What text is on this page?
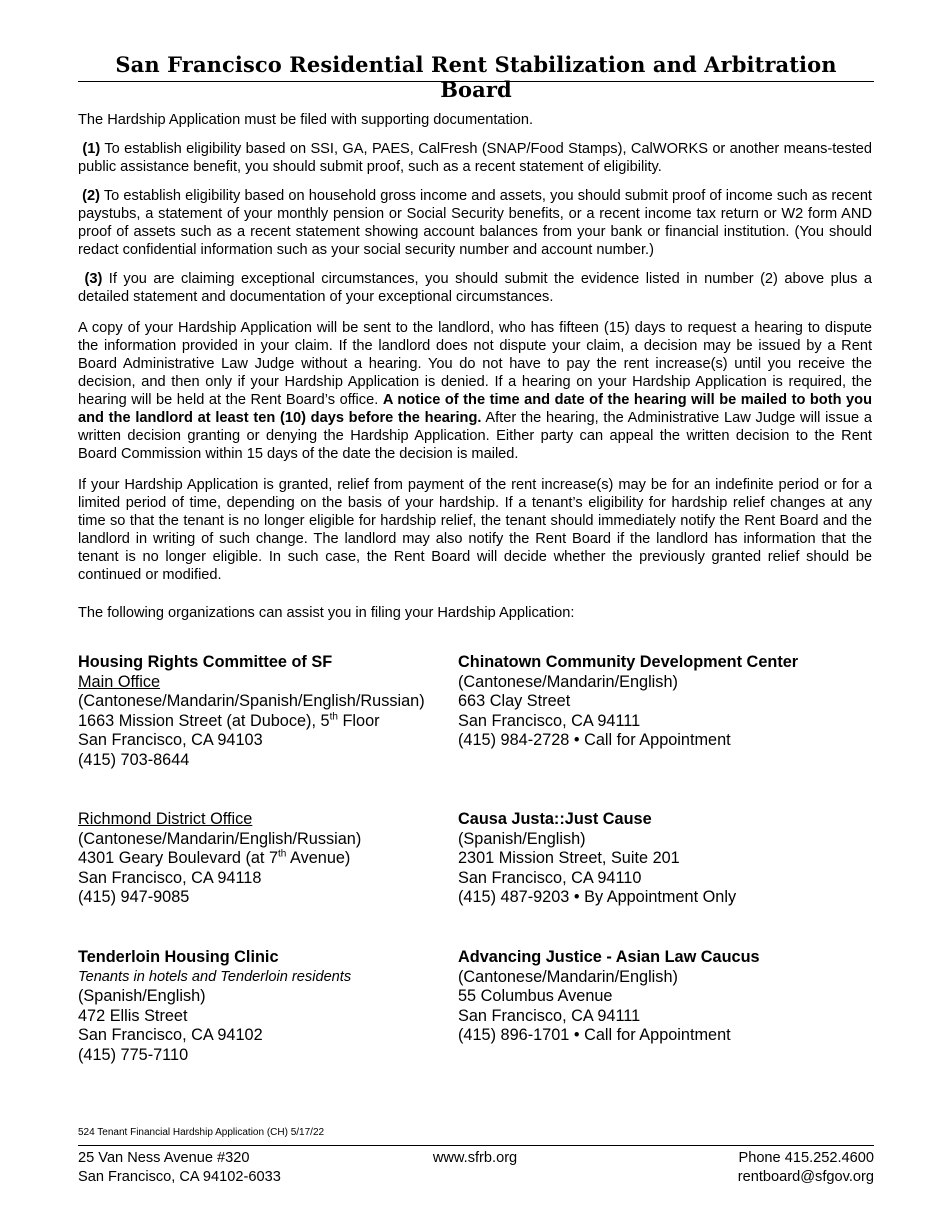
San Francisco Residential Rent Stabilization and Arbitration Board

The Hardship Application must be filed with supporting documentation.

(1) To establish eligibility based on SSI, GA, PAES, CalFresh (SNAP/Food Stamps), CalWORKS or another means-tested public assistance benefit, you should submit proof, such as a recent statement of eligibility.

(2) To establish eligibility based on household gross income and assets, you should submit proof of income such as recent paystubs, a statement of your monthly pension or Social Security benefits, or a recent income tax return or W2 form AND proof of assets such as a recent statement showing account balances from your bank or financial institution. (You should redact confidential information such as your social security number and account number.)

(3) If you are claiming exceptional circumstances, you should submit the evidence listed in number (2) above plus a detailed statement and documentation of your exceptional circumstances.

A copy of your Hardship Application will be sent to the landlord, who has fifteen (15) days to request a hearing to dispute the information provided in your claim. If the landlord does not dispute your claim, a decision may be issued by a Rent Board Administrative Law Judge without a hearing. You do not have to pay the rent increase(s) until you receive the decision, and then only if your Hardship Application is denied. If a hearing on your Hardship Application is required, the hearing will be held at the Rent Board’s office. A notice of the time and date of the hearing will be mailed to both you and the landlord at least ten (10) days before the hearing. After the hearing, the Administrative Law Judge will issue a written decision granting or denying the Hardship Application. Either party can appeal the written decision to the Rent Board Commission within 15 days of the date the decision is mailed.

If your Hardship Application is granted, relief from payment of the rent increase(s) may be for an indefinite period or for a limited period of time, depending on the basis of your hardship. If a tenant’s eligibility for hardship relief changes at any time so that the tenant is no longer eligible for hardship relief, the tenant should immediately notify the Rent Board and the landlord in writing of such change. The landlord may also notify the Rent Board if the landlord has information that the tenant is no longer eligible. In such case, the Rent Board will decide whether the previously granted relief should be continued or modified.

The following organizations can assist you in filing your Hardship Application:

Housing Rights Committee of SF
Main Office
(Cantonese/Mandarin/Spanish/English/Russian)
1663 Mission Street (at Duboce), 5th Floor
San Francisco, CA 94103
(415) 703-8644
Richmond District Office
(Cantonese/Mandarin/English/Russian)
4301 Geary Boulevard (at 7th Avenue)
San Francisco, CA 94118
(415) 947-9085
Tenderloin Housing Clinic
Tenants in hotels and Tenderloin residents
(Spanish/English)
472 Ellis Street
San Francisco, CA 94102
(415) 775-7110
Chinatown Community Development Center
(Cantonese/Mandarin/English)
663 Clay Street
San Francisco, CA 94111
(415) 984-2728 • Call for Appointment
Causa Justa::Just Cause
(Spanish/English)
2301 Mission Street, Suite 201
San Francisco, CA 94110
(415) 487-9203 • By Appointment Only
Advancing Justice - Asian Law Caucus
(Cantonese/Mandarin/English)
55 Columbus Avenue
San Francisco, CA 94111
(415) 896-1701 • Call for Appointment
524 Tenant Financial Hardship Application (CH) 5/17/22
25 Van Ness Avenue #320
San Francisco, CA 94102-6033
www.sfrb.org	Phone 415.252.4600
rentboard@sfgov.org
